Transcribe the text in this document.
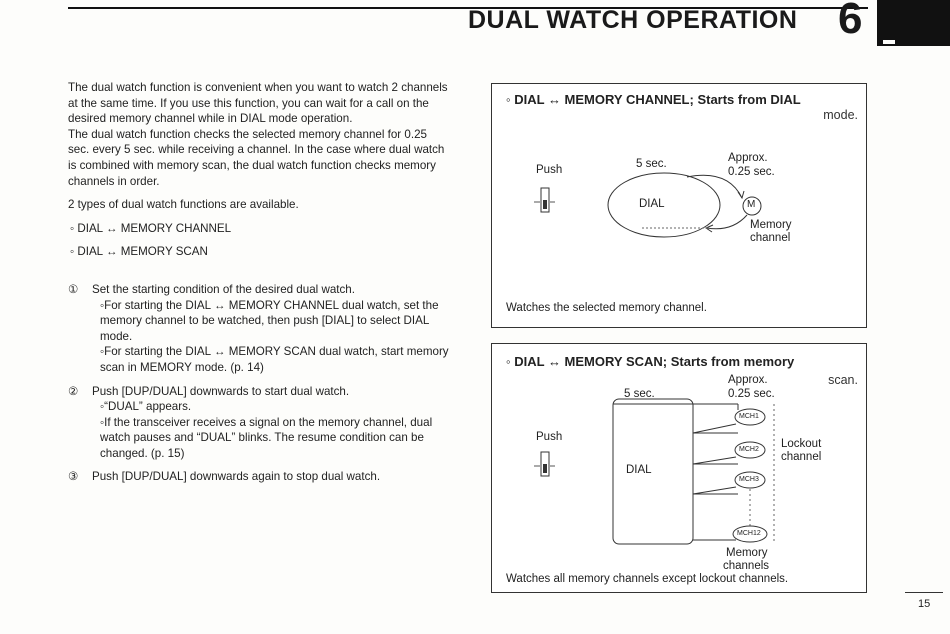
DUAL WATCH OPERATION 6

The dual watch function is convenient when you want to watch 2 channels at the same time. If you use this function, you can wait for a call on the desired memory channel while in DIAL mode operation.

The dual watch function checks the selected memory channel for 0.25 sec. every 5 sec. while receiving a channel. In the case where dual watch is combined with memory scan, the dual watch function checks memory channels in order.

2 types of dual watch functions are available.

◦ DIAL ↔ MEMORY CHANNEL

◦ DIAL ↔ MEMORY SCAN

①	Set the starting condition of the desired dual watch.
◦For starting the DIAL ↔ MEMORY CHANNEL dual watch, set the memory channel to be watched, then push [DIAL] to select DIAL mode.
◦For starting the DIAL ↔ MEMORY SCAN dual watch, start memory scan in MEMORY mode. (p. 14)
②	Push [DUP/DUAL] downwards to start dual watch.
◦“DUAL” appears.
◦If the transceiver receives a signal on the memory channel, dual watch pauses and “DUAL” blinks. The resume condition can be changed. (p. 15)
③	Push [DUP/DUAL] downwards again to stop dual watch.
◦ DIAL ↔ MEMORY CHANNEL; Starts from DIAL
mode.
Push	5 sec.	Approx.
0.25 sec.
DIAL	M
Memory
channel
Watches the selected memory channel.
◦ DIAL ↔ MEMORY SCAN; Starts from memory
scan.
Push
5 sec.
Approx.
0.25 sec.
DIAL
MCH1
MCH2
MCH3
MCH12
Lockout
channel
Memory
channels
Watches all memory channels except lockout channels.
15
